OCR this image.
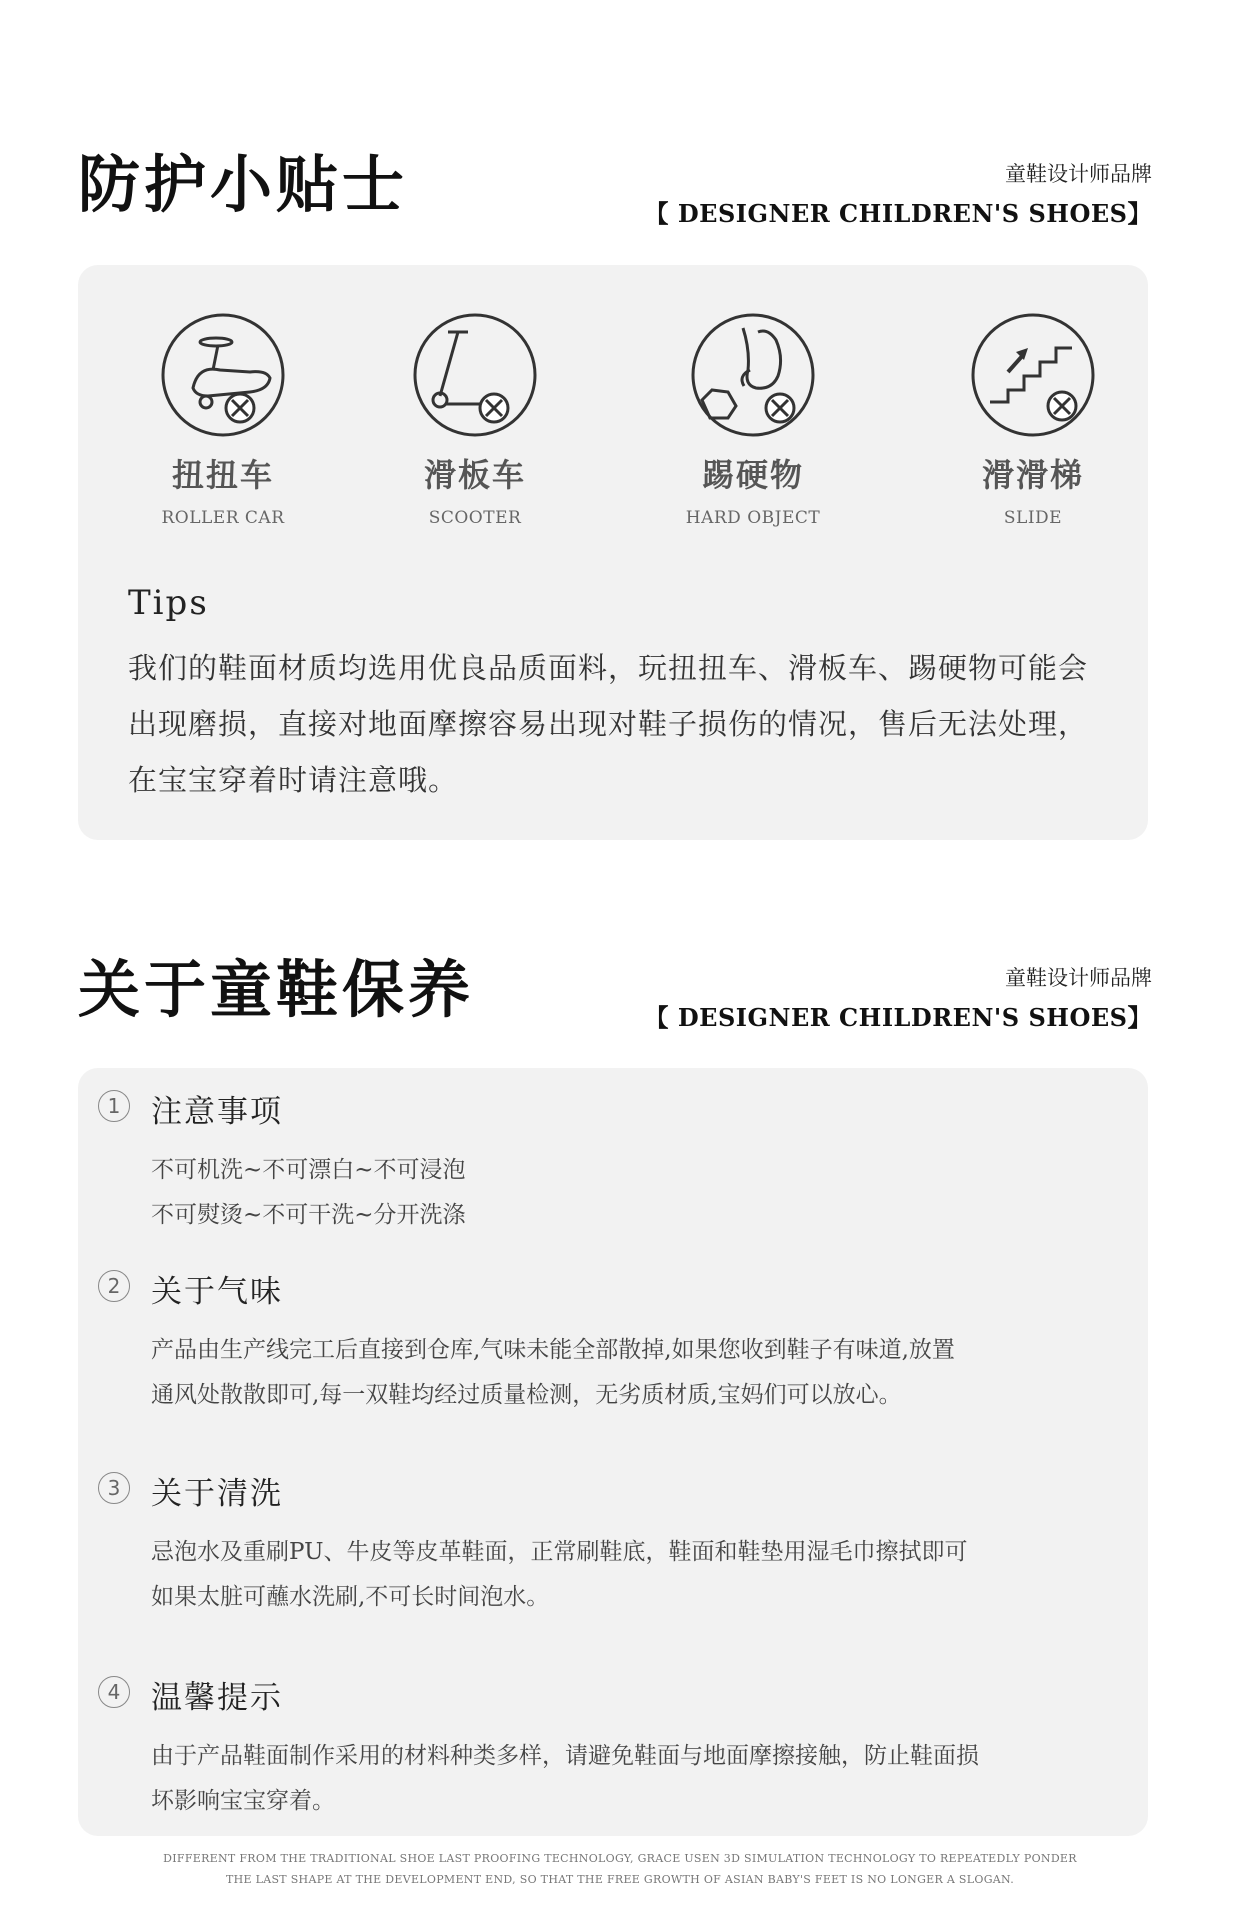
防护小贴士	童鞋设计师品牌
【 DESIGNER CHILDREN'S SHOES】
扭扭车
ROLLER CAR
滑板车
SCOOTER
踢硬物
HARD OBJECT
滑滑梯
SLIDE
Tips
我们的鞋面材质均选用优良品质面料，玩扭扭车、滑板车、踢硬物可能会出现磨损，直接对地面摩擦容易出现对鞋子损伤的情况，售后无法处理，在宝宝穿着时请注意哦。
关于童鞋保养	童鞋设计师品牌
【 DESIGNER CHILDREN'S SHOES】
1 注意事项
不可机洗~不可漂白~不可浸泡
不可熨烫~不可干洗~分开洗涤
2 关于气味
产品由生产线完工后直接到仓库,气味未能全部散掉,如果您收到鞋子有味道,放置
通风处散散即可,每一双鞋均经过质量检测，无劣质材质,宝妈们可以放心。
3 关于清洗
忌泡水及重刷PU、牛皮等皮革鞋面，正常刷鞋底，鞋面和鞋垫用湿毛巾擦拭即可
如果太脏可蘸水洗刷,不可长时间泡水。
4 温馨提示
由于产品鞋面制作采用的材料种类多样，请避免鞋面与地面摩擦接触，防止鞋面损
坏影响宝宝穿着。
DIFFERENT FROM THE TRADITIONAL SHOE LAST PROOFING TECHNOLOGY, GRACE USEN 3D SIMULATION TECHNOLOGY TO REPEATEDLY PONDER
THE LAST SHAPE AT THE DEVELOPMENT END, SO THAT THE FREE GROWTH OF ASIAN BABY'S FEET IS NO LONGER A SLOGAN.
